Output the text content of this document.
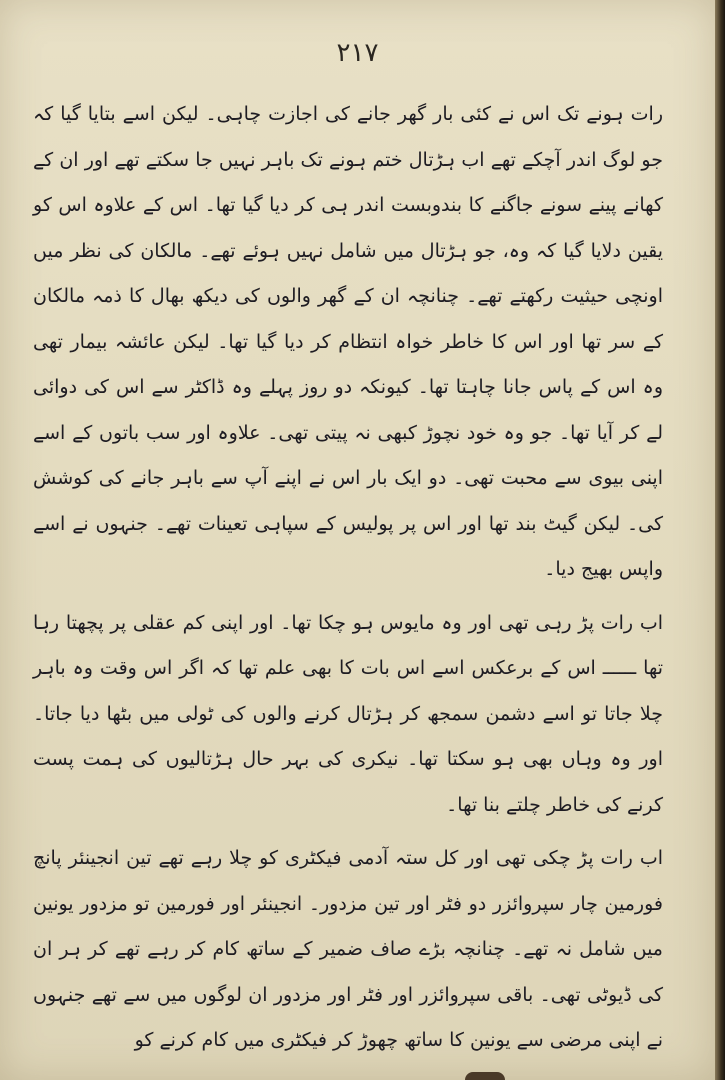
۲۱۷

رات ہونے تک اس نے کئی بار گھر جانے کی اجازت چاہی۔ لیکن اسے بتایا گیا کہ جو لوگ اندر آچکے تھے اب ہڑتال ختم ہونے تک باہر نہیں جا سکتے تھے اور ان کے کھانے پینے سونے جاگنے کا بندوبست اندر ہی کر دیا گیا تھا۔ اس کے علاوہ اس کو یقین دلایا گیا کہ وہ، جو ہڑتال میں شامل نہیں ہوئے تھے۔ مالکان کی نظر میں اونچی حیثیت رکھتے تھے۔ چنانچہ ان کے گھر والوں کی دیکھ بھال کا ذمہ مالکان کے سر تھا اور اس کا خاطر خواہ انتظام کر دیا گیا تھا۔ لیکن عائشہ بیمار تھی وہ اس کے پاس جانا چاہتا تھا۔ کیونکہ دو روز پہلے وہ ڈاکٹر سے اس کی دوائی لے کر آیا تھا۔ جو وہ خود نچوڑ کبھی نہ پیتی تھی۔ علاوہ اور سب باتوں کے اسے اپنی بیوی سے محبت تھی۔ دو ایک بار اس نے اپنے آپ سے باہر جانے کی کوشش کی۔ لیکن گیٹ بند تھا اور اس پر پولیس کے سپاہی تعینات تھے۔ جنہوں نے اسے واپس بھیج دیا۔

اب رات پڑ رہی تھی اور وہ مایوس ہو چکا تھا۔ اور اپنی کم عقلی پر پچھتا رہا تھا ــــــ اس کے برعکس اسے اس بات کا بھی علم تھا کہ اگر اس وقت وہ باہر چلا جاتا تو اسے دشمن سمجھ کر ہڑتال کرنے والوں کی ٹولی میں بٹھا دیا جاتا۔ اور وہ وہاں بھی ہو سکتا تھا۔ نیکری کی بہر حال ہڑتالیوں کی ہمت پست کرنے کی خاطر چلتے بنا تھا۔

اب رات پڑ چکی تھی اور کل ستہ آدمی فیکٹری کو چلا رہے تھے تین انجینئر پانچ فورمین چار سپروائزر دو فٹر اور تین مزدور۔ انجینئر اور فورمین تو مزدور یونین میں شامل نہ تھے۔ چنانچہ بڑے صاف ضمیر کے ساتھ کام کر رہے تھے کر ہر ان کی ڈیوٹی تھی۔ باقی سپروائزر اور فٹر اور مزدور ان لوگوں میں سے تھے جنہوں نے اپنی مرضی سے یونین کا ساتھ چھوڑ کر فیکٹری میں کام کرنے کو
